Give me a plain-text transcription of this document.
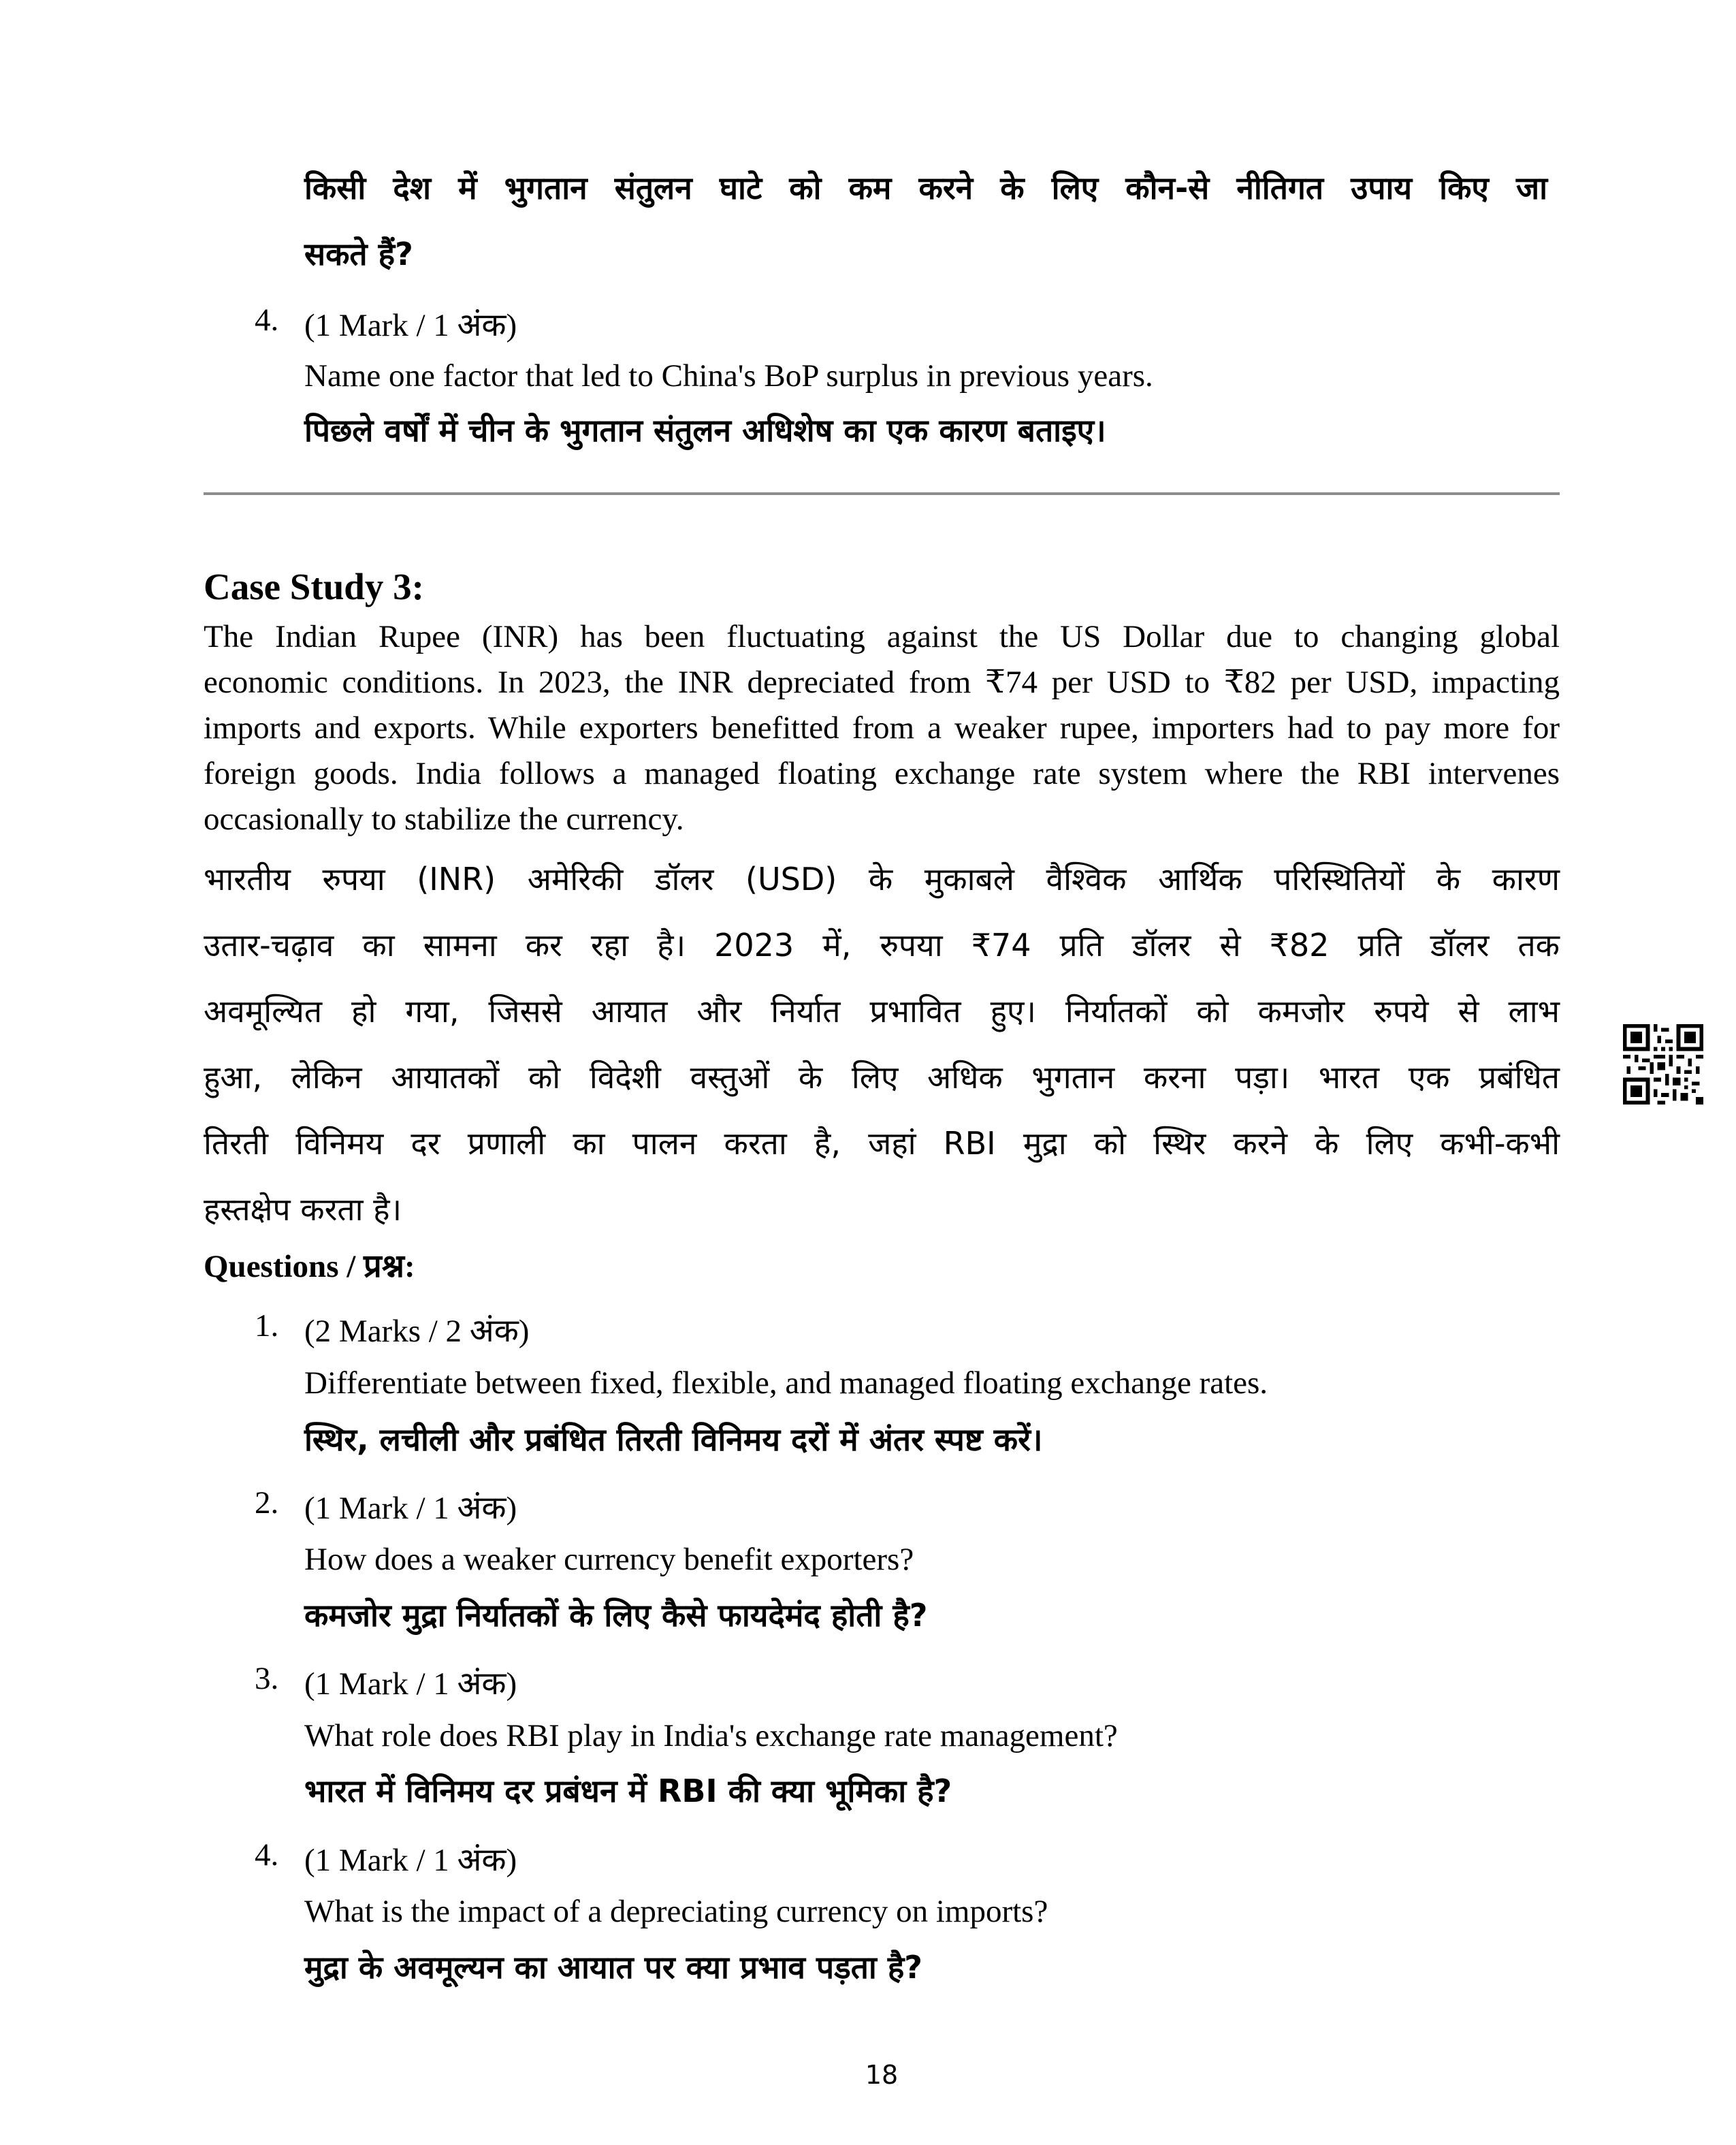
किसी देश में भुगतान संतुलन घाटे को कम करने के लिए कौन-से नीतिगत उपाय किए जा
सकते हैं?
4. (1 Mark / 1 अंक)
Name one factor that led to China's BoP surplus in previous years.
पिछले वर्षों में चीन के भुगतान संतुलन अधिशेष का एक कारण बताइए।
Case Study 3:
The Indian Rupee (INR) has been fluctuating against the US Dollar due to changing global
economic conditions. In 2023, the INR depreciated from ₹74 per USD to ₹82 per USD, impacting
imports and exports. While exporters benefitted from a weaker rupee, importers had to pay more for
foreign goods. India follows a managed floating exchange rate system where the RBI intervenes
occasionally to stabilize the currency.
भारतीय रुपया (INR) अमेरिकी डॉलर (USD) के मुकाबले वैश्विक आर्थिक परिस्थितियों के कारण
उतार-चढ़ाव का सामना कर रहा है। 2023 में, रुपया ₹74 प्रति डॉलर से ₹82 प्रति डॉलर तक
अवमूल्यित हो गया, जिससे आयात और निर्यात प्रभावित हुए। निर्यातकों को कमजोर रुपये से लाभ
हुआ, लेकिन आयातकों को विदेशी वस्तुओं के लिए अधिक भुगतान करना पड़ा। भारत एक प्रबंधित
तिरती विनिमय दर प्रणाली का पालन करता है, जहां RBI मुद्रा को स्थिर करने के लिए कभी-कभी
हस्तक्षेप करता है।
Questions / प्रश्न:
1. (2 Marks / 2 अंक)
Differentiate between fixed, flexible, and managed floating exchange rates.
स्थिर, लचीली और प्रबंधित तिरती विनिमय दरों में अंतर स्पष्ट करें।
2. (1 Mark / 1 अंक)
How does a weaker currency benefit exporters?
कमजोर मुद्रा निर्यातकों के लिए कैसे फायदेमंद होती है?
3. (1 Mark / 1 अंक)
What role does RBI play in India's exchange rate management?
भारत में विनिमय दर प्रबंधन में RBI की क्या भूमिका है?
4. (1 Mark / 1 अंक)
What is the impact of a depreciating currency on imports?
मुद्रा के अवमूल्यन का आयात पर क्या प्रभाव पड़ता है?
18
